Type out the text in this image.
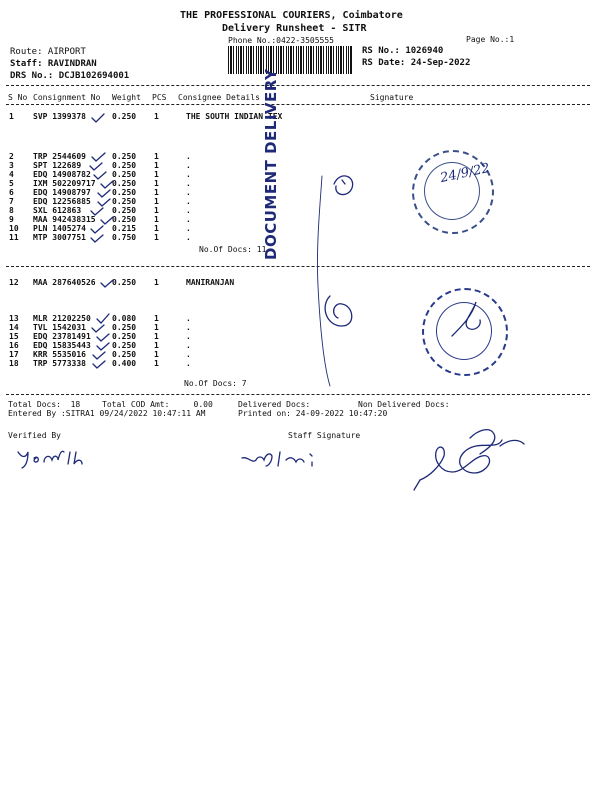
THE PROFESSIONAL COURIERS, Coimbatore
Delivery Runsheet - SITR
Phone No.:0422-3505555	Page No.:1
Route: AIRPORT
Staff: RAVINDRAN
DRS No.: DCJB102694001
RS No.: 1026940
RS Date: 24-Sep-2022
S No Consignment No Weight PCS Consignee Details	Signature
1 SVP 1399378	0.250 1	THE SOUTH INDIAN TEX
2 TRP 2544609	0.250 1	.
3 SPT 122689	0.250 1	.
4 EDQ 14908782	0.250 1	.
5 IXM 502209717 0.250 1	.
6 EDQ 14908797	0.250 1	.
7 EDQ 12256885	0.250 1	.
8 SXL 612863	0.250 1	.
9 MAA 942438315 0.250 1	.
10 PLN 1405274	0.215 1	.
11 MTP 3007751	0.750 1	.
No.Of Docs: 11
12 MAA 287640526 0.250 1	MANIRANJAN
13 MLR 21202250	0.080 1	.
14 TVL 1542031	0.250 1	.
15 EDQ 23781491	0.250 1	.
16 EDQ 15835443	0.250 1	.
17 KRR 5535016	0.250 1	.
18 TRP 5773338	0.400 1	.
No.Of Docs: 7
Total Docs:  18	Total COD Amt:     0.00	Delivered Docs:	Non Delivered Docs:
Entered By :SITRA1 09/24/2022 10:47:11 AM	Printed on: 24-09-2022 10:47:20
Verified By	Staff Signature
DOCUMENT DELIVERY	24/9/22
